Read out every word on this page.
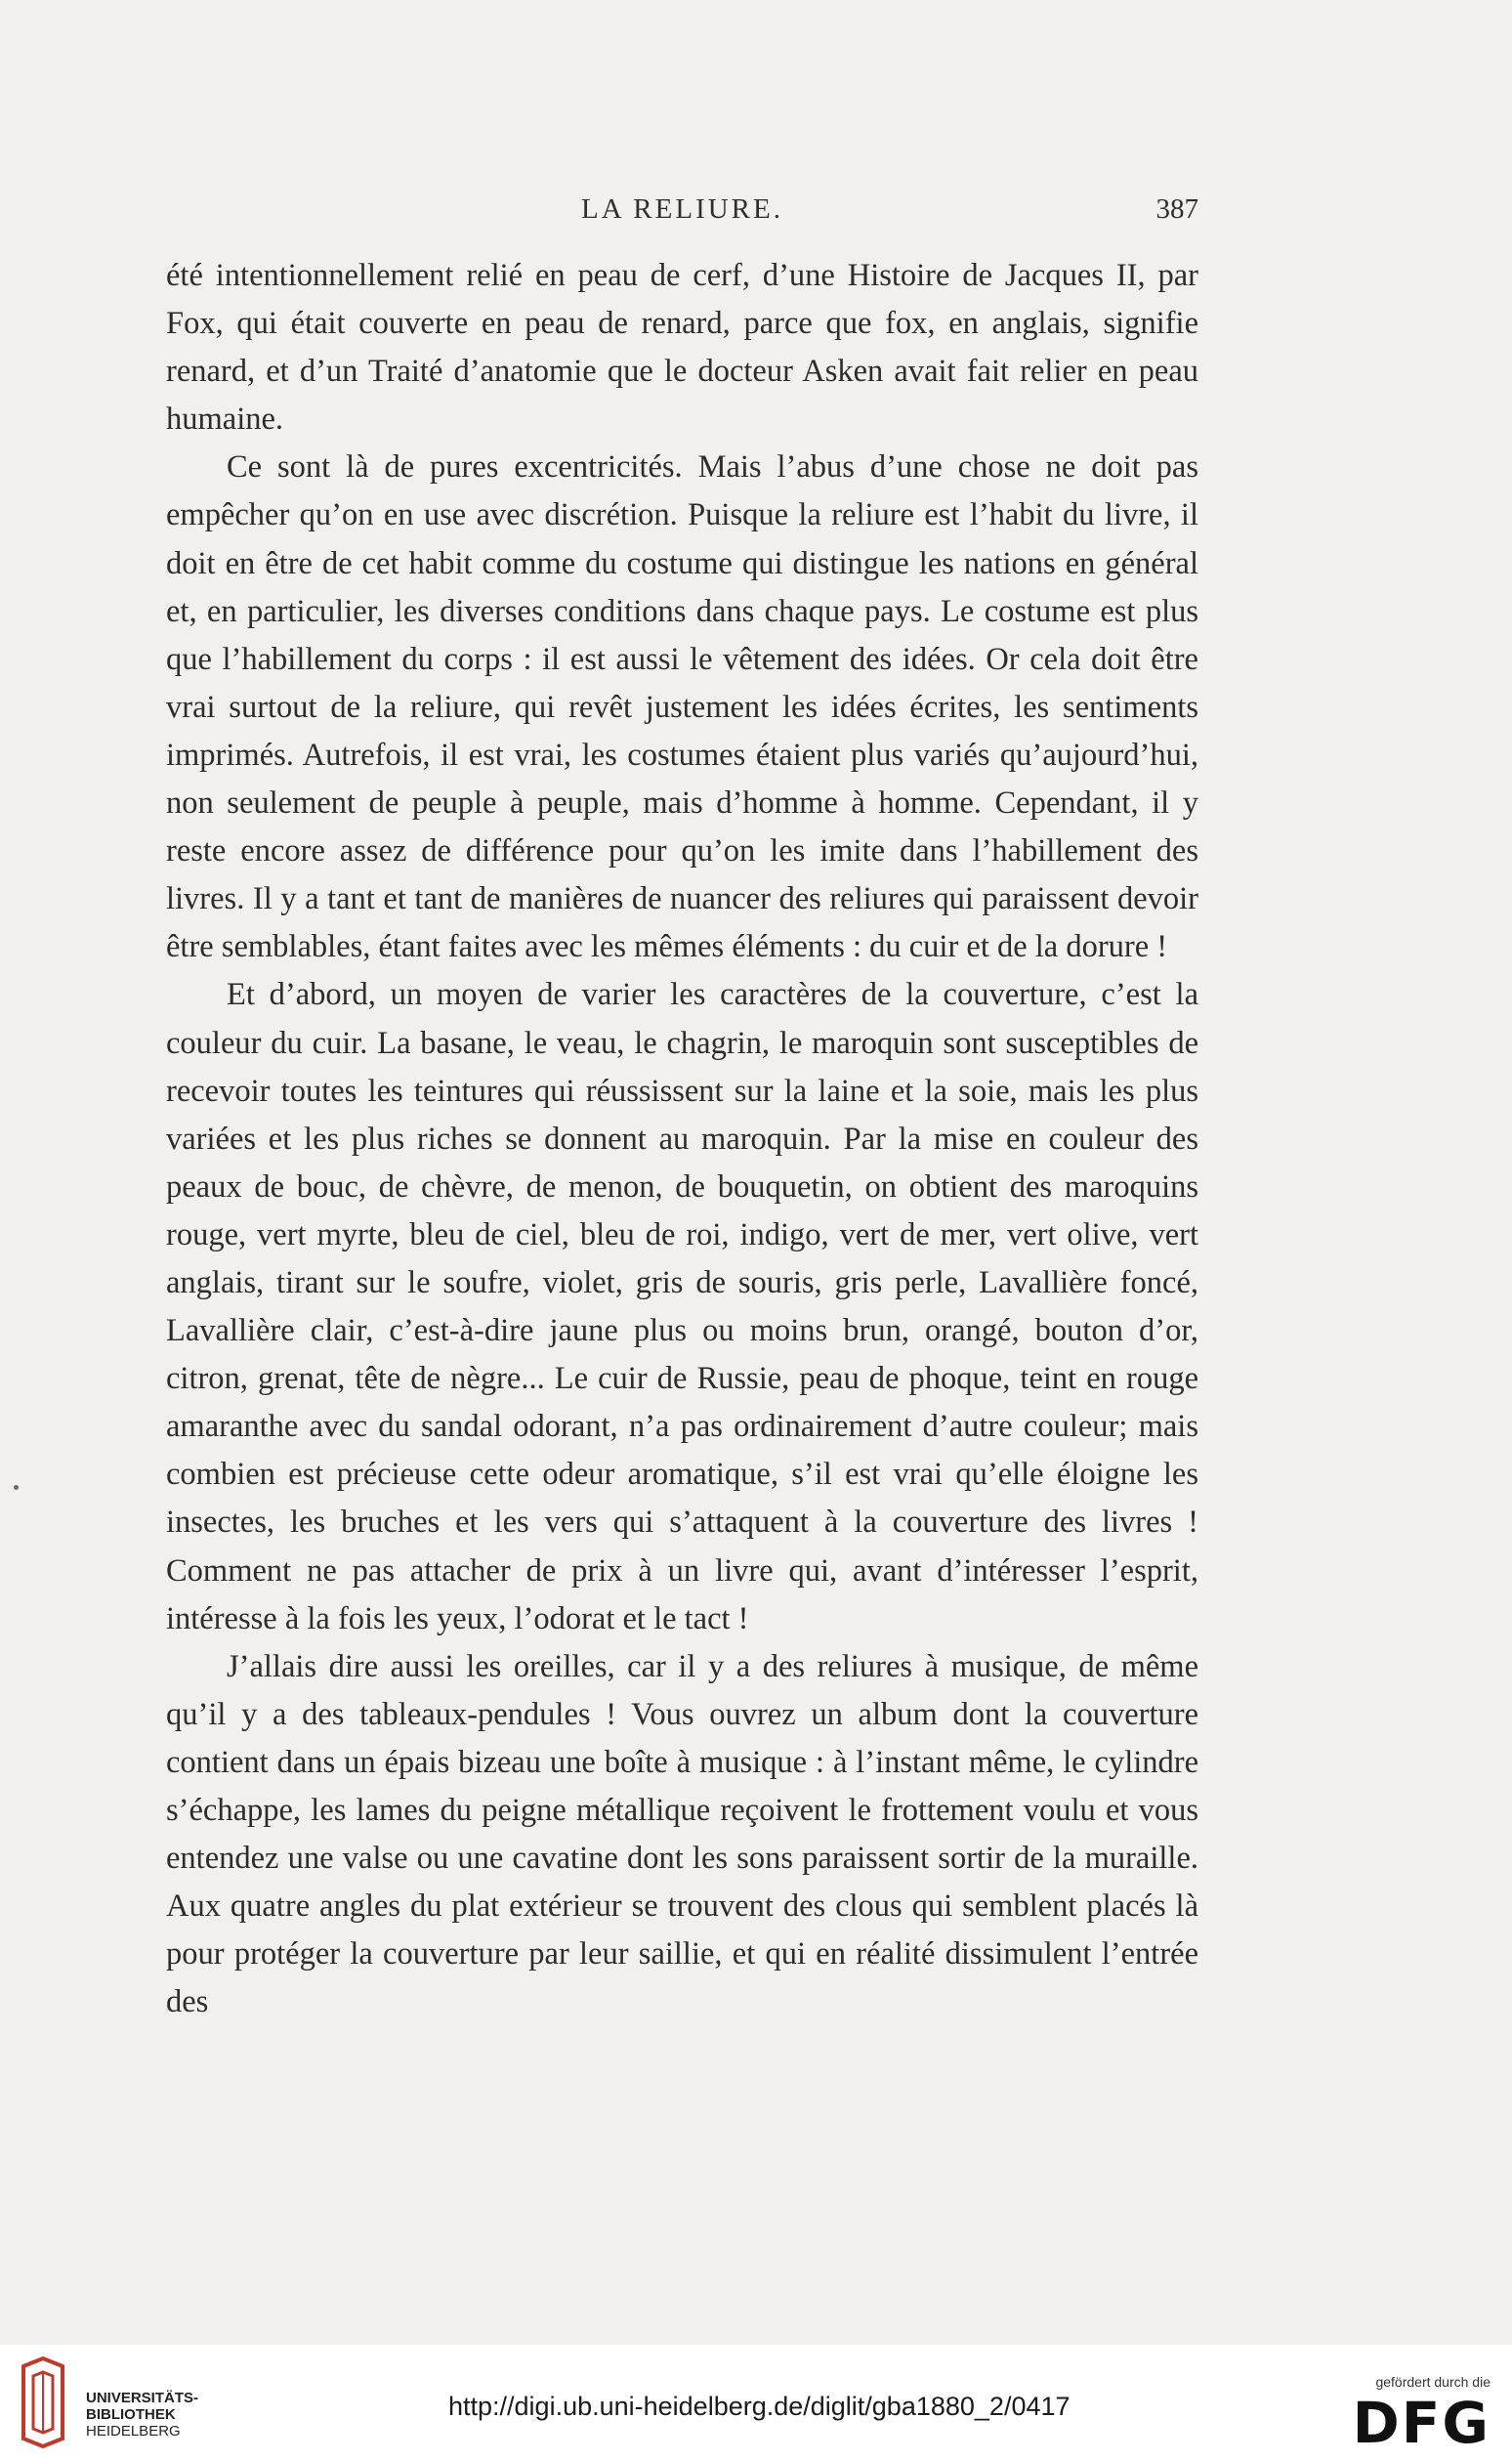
LA RELIURE.	387

été intentionnellement relié en peau de cerf, d’une Histoire de Jacques II, par Fox, qui était couverte en peau de renard, parce que fox, en anglais, signifie renard, et d’un Traité d’anatomie que le docteur Asken avait fait relier en peau humaine.

Ce sont là de pures excentricités. Mais l’abus d’une chose ne doit pas empêcher qu’on en use avec discrétion. Puisque la reliure est l’habit du livre, il doit en être de cet habit comme du costume qui distingue les nations en général et, en particulier, les diverses conditions dans chaque pays. Le costume est plus que l’habillement du corps : il est aussi le vêtement des idées. Or cela doit être vrai surtout de la reliure, qui revêt justement les idées écrites, les sentiments imprimés. Autrefois, il est vrai, les costumes étaient plus variés qu’aujourd’hui, non seulement de peuple à peuple, mais d’homme à homme. Cependant, il y reste encore assez de différence pour qu’on les imite dans l’habillement des livres. Il y a tant et tant de manières de nuancer des reliures qui paraissent devoir être semblables, étant faites avec les mêmes éléments : du cuir et de la dorure !

Et d’abord, un moyen de varier les caractères de la couverture, c’est la couleur du cuir. La basane, le veau, le chagrin, le maroquin sont susceptibles de recevoir toutes les teintures qui réussissent sur la laine et la soie, mais les plus variées et les plus riches se donnent au maroquin. Par la mise en couleur des peaux de bouc, de chèvre, de menon, de bouquetin, on obtient des maroquins rouge, vert myrte, bleu de ciel, bleu de roi, indigo, vert de mer, vert olive, vert anglais, tirant sur le soufre, violet, gris de souris, gris perle, Lavallière foncé, Lavallière clair, c’est-à-dire jaune plus ou moins brun, orangé, bouton d’or, citron, grenat, tête de nègre... Le cuir de Russie, peau de phoque, teint en rouge amaranthe avec du sandal odorant, n’a pas ordinairement d’autre couleur; mais combien est précieuse cette odeur aromatique, s’il est vrai qu’elle éloigne les insectes, les bruches et les vers qui s’attaquent à la couverture des livres ! Comment ne pas attacher de prix à un livre qui, avant d’intéresser l’esprit, intéresse à la fois les yeux, l’odorat et le tact !

J’allais dire aussi les oreilles, car il y a des reliures à musique, de même qu’il y a des tableaux-pendules ! Vous ouvrez un album dont la couverture contient dans un épais bizeau une boîte à musique : à l’instant même, le cylindre s’échappe, les lames du peigne métallique reçoivent le frottement voulu et vous entendez une valse ou une cavatine dont les sons paraissent sortir de la muraille. Aux quatre angles du plat extérieur se trouvent des clous qui semblent placés là pour protéger la couverture par leur saillie, et qui en réalité dissimulent l’entrée des

UNIVERSITÄTS-
BIBLIOTHEK
HEIDELBERG
http://digi.ub.uni-heidelberg.de/diglit/gba1880_2/0417
gefördert durch die
DFG
